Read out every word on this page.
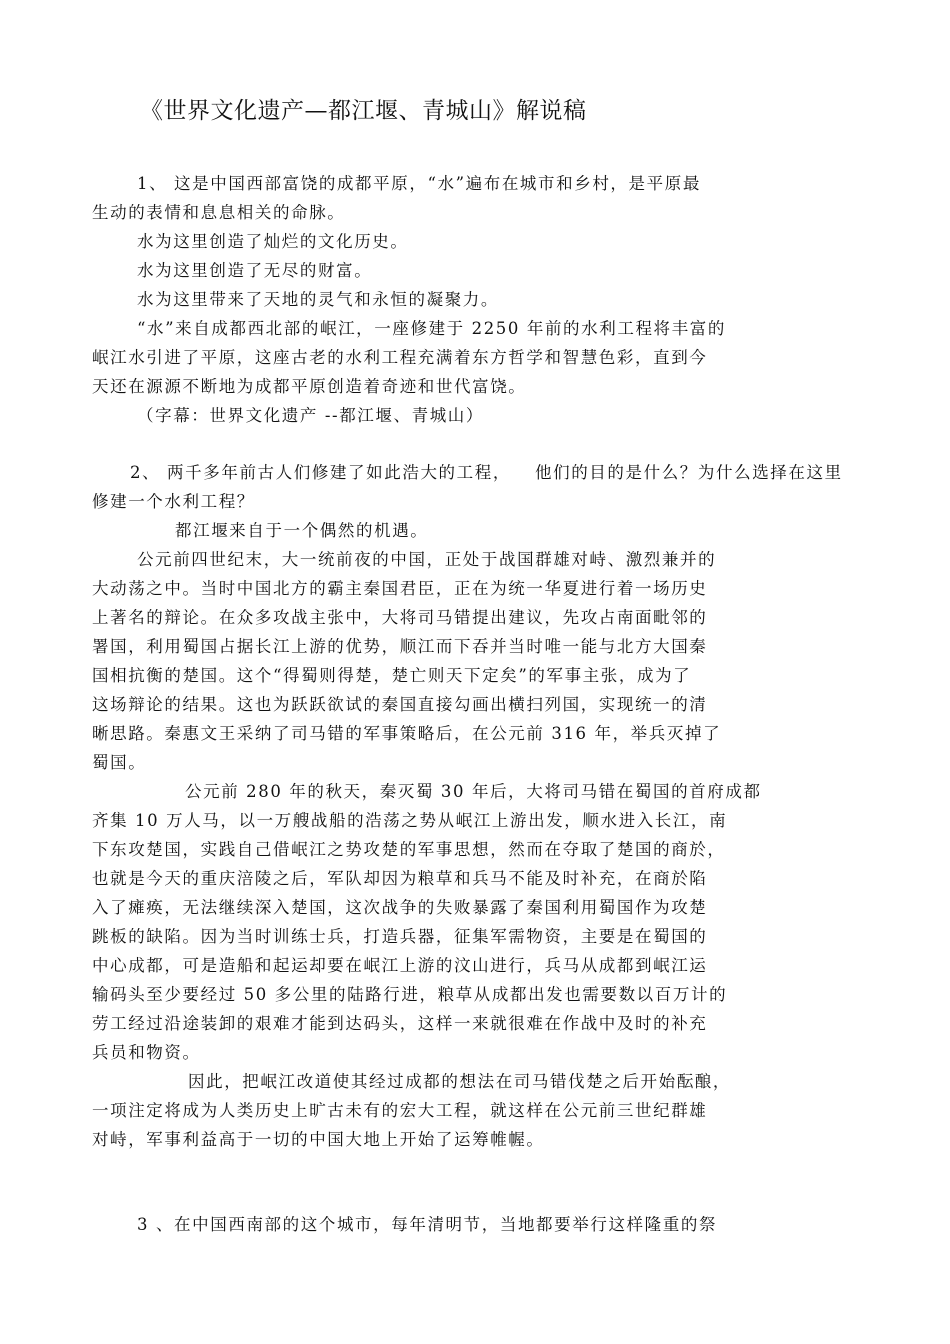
《世界文化遗产—都江堰、青城山》解说稿
1、 这是中国西部富饶的成都平原，“水”遍布在城市和乡村，是平原最
生动的表情和息息相关的命脉。
水为这里创造了灿烂的文化历史。
水为这里创造了无尽的财富。
水为这里带来了天地的灵气和永恒的凝聚力。
“水”来自成都西北部的岷江，一座修建于 2250 年前的水利工程将丰富的
岷江水引进了平原，这座古老的水利工程充满着东方哲学和智慧色彩，直到今
天还在源源不断地为成都平原创造着奇迹和世代富饶。
（字幕：世界文化遗产 --都江堰、青城山）
2、 两千多年前古人们修建了如此浩大的工程， 他们的目的是什么？为什么选择在这里
修建一个水利工程？
都江堰来自于一个偶然的机遇。
公元前四世纪末，大一统前夜的中国，正处于战国群雄对峙、激烈兼并的
大动荡之中。当时中国北方的霸主秦国君臣，正在为统一华夏进行着一场历史
上著名的辩论。在众多攻战主张中，大将司马错提出建议，先攻占南面毗邻的
署国，利用蜀国占据长江上游的优势，顺江而下吞并当时唯一能与北方大国秦
国相抗衡的楚国。这个“得蜀则得楚，楚亡则天下定矣”的军事主张，成为了
这场辩论的结果。这也为跃跃欲试的秦国直接勾画出横扫列国，实现统一的清
晰思路。秦惠文王采纳了司马错的军事策略后，在公元前 316 年，举兵灭掉了
蜀国。
公元前 280 年的秋天，秦灭蜀 30 年后，大将司马错在蜀国的首府成都
齐集 10 万人马，以一万艘战船的浩荡之势从岷江上游出发，顺水进入长江，南
下东攻楚国，实践自己借岷江之势攻楚的军事思想，然而在夺取了楚国的商於，
也就是今天的重庆涪陵之后，军队却因为粮草和兵马不能及时补充，在商於陷
入了瘫痪，无法继续深入楚国，这次战争的失败暴露了秦国利用蜀国作为攻楚
跳板的缺陷。因为当时训练士兵，打造兵器，征集军需物资，主要是在蜀国的
中心成都，可是造船和起运却要在岷江上游的汶山进行，兵马从成都到岷江运
输码头至少要经过 50 多公里的陆路行进，粮草从成都出发也需要数以百万计的
劳工经过沿途装卸的艰难才能到达码头，这样一来就很难在作战中及时的补充
兵员和物资。
因此，把岷江改道使其经过成都的想法在司马错伐楚之后开始酝酿，
一项注定将成为人类历史上旷古未有的宏大工程，就这样在公元前三世纪群雄
对峙，军事利益高于一切的中国大地上开始了运筹帷幄。
3 、在中国西南部的这个城市，每年清明节，当地都要举行这样隆重的祭
